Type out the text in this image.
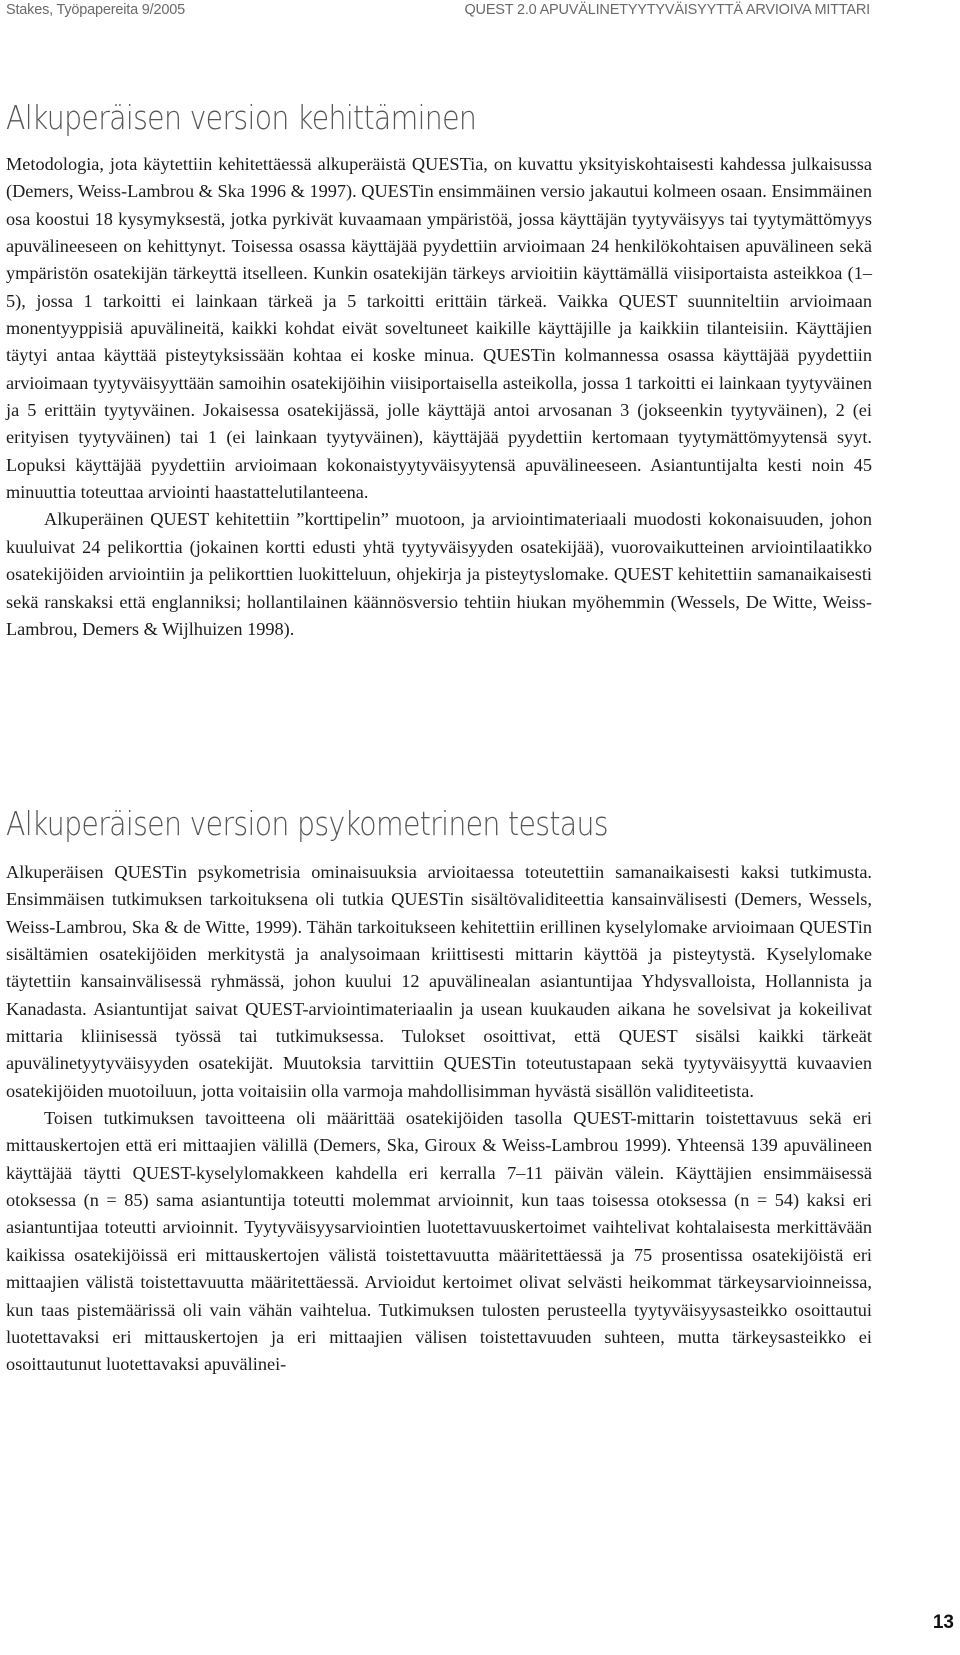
Stakes, Työpapereita 9/2005	QUEST 2.0 APUVÄLINETYYTYVÄISYYTTÄ ARVIOIVA MITTARI
Alkuperäisen version kehittäminen

Metodologia, jota käytettiin kehitettäessä alkuperäistä QUESTia, on kuvattu yksityiskohtaisesti kahdessa julkaisussa (Demers, Weiss-Lambrou & Ska 1996 & 1997). QUESTin ensimmäinen versio jakautui kolmeen osaan. Ensimmäinen osa koostui 18 kysymyksestä, jotka pyrkivät kuvaamaan ympäristöä, jossa käyttäjän tyytyväisyys tai tyytymättömyys apuvälineeseen on kehittynyt. Toisessa osassa käyttäjää pyydettiin arvioimaan 24 henkilökohtaisen apuvälineen sekä ympäristön osatekijän tärkeyttä itselleen. Kunkin osatekijän tärkeys arvioitiin käyttämällä viisiportaista asteikkoa (1–5), jossa 1 tarkoitti ei lainkaan tärkeä ja 5 tarkoitti erittäin tärkeä. Vaikka QUEST suunniteltiin arvioimaan monentyyppisiä apuvälineitä, kaikki kohdat eivät soveltuneet kaikille käyttäjille ja kaikkiin tilanteisiin. Käyttäjien täytyi antaa käyttää pisteytyksissään kohtaa ei koske minua. QUESTin kolmannessa osassa käyttäjää pyydettiin arvioimaan tyytyväisyyttään samoihin osatekijöihin viisiportaisella asteikolla, jossa 1 tarkoitti ei lainkaan tyytyväinen ja 5 erittäin tyytyväinen. Jokaisessa osatekijässä, jolle käyttäjä antoi arvosanan 3 (jokseenkin tyytyväinen), 2 (ei erityisen tyytyväinen) tai 1 (ei lainkaan tyytyväinen), käyttäjää pyydettiin kertomaan tyytymättömyytensä syyt. Lopuksi käyttäjää pyydettiin arvioimaan kokonaistyytyväisyytensä apuvälineeseen. Asiantuntijalta kesti noin 45 minuuttia toteuttaa arviointi haastattelutilanteena.

Alkuperäinen QUEST kehitettiin ”korttipelin” muotoon, ja arviointimateriaali muodosti kokonaisuuden, johon kuuluivat 24 pelikorttia (jokainen kortti edusti yhtä tyytyväisyyden osatekijää), vuorovaikutteinen arviointilaatikko osatekijöiden arviointiin ja pelikorttien luokitteluun, ohjekirja ja pisteytyslomake. QUEST kehitettiin samanaikaisesti sekä ranskaksi että englanniksi; hollantilainen käännösversio tehtiin hiukan myöhemmin (Wessels, De Witte, Weiss-Lambrou, Demers & Wijlhuizen 1998).

Alkuperäisen version psykometrinen testaus

Alkuperäisen QUESTin psykometrisia ominaisuuksia arvioitaessa toteutettiin samanaikaisesti kaksi tutkimusta. Ensimmäisen tutkimuksen tarkoituksena oli tutkia QUESTin sisältövaliditeettia kansainvälisesti (Demers, Wessels, Weiss-Lambrou, Ska & de Witte, 1999). Tähän tarkoitukseen kehitettiin erillinen kyselylomake arvioimaan QUESTin sisältämien osatekijöiden merkitystä ja analysoimaan kriittisesti mittarin käyttöä ja pisteytystä. Kyselylomake täytettiin kansainvälisessä ryhmässä, johon kuului 12 apuvälinealan asiantuntijaa Yhdysvalloista, Hollannista ja Kanadasta. Asiantuntijat saivat QUEST-arviointimateriaalin ja usean kuukauden aikana he sovelsivat ja kokeilivat mittaria kliinisessä työssä tai tutkimuksessa. Tulokset osoittivat, että QUEST sisälsi kaikki tärkeät apuvälinetyytyväisyyden osatekijät. Muutoksia tarvittiin QUESTin toteutustapaan sekä tyytyväisyyttä kuvaavien osatekijöiden muotoiluun, jotta voitaisiin olla varmoja mahdollisimman hyvästä sisällön validiteetista.

Toisen tutkimuksen tavoitteena oli määrittää osatekijöiden tasolla QUEST-mittarin toistettavuus sekä eri mittauskertojen että eri mittaajien välillä (Demers, Ska, Giroux & Weiss-Lambrou 1999). Yhteensä 139 apuvälineen käyttäjää täytti QUEST-kyselylomakkeen kahdella eri kerralla 7–11 päivän välein. Käyttäjien ensimmäisessä otoksessa (n = 85) sama asiantuntija toteutti molemmat arvioinnit, kun taas toisessa otoksessa (n = 54) kaksi eri asiantuntijaa toteutti arvioinnit. Tyytyväisyysarviointien luotettavuuskertoimet vaihtelivat kohtalaisesta merkittävään kaikissa osatekijöissä eri mittauskertojen välistä toistettavuutta määritettäessä ja 75 prosentissa osatekijöistä eri mittaajien välistä toistettavuutta määritettäessä. Arvioidut kertoimet olivat selvästi heikommat tärkeysarvioinneissa, kun taas pistemäärissä oli vain vähän vaihtelua. Tutkimuksen tulosten perusteella tyytyväisyysasteikko osoittautui luotettavaksi eri mittauskertojen ja eri mittaajien välisen toistettavuuden suhteen, mutta tärkeysasteikko ei osoittautunut luotettavaksi apuvälinei-

13
